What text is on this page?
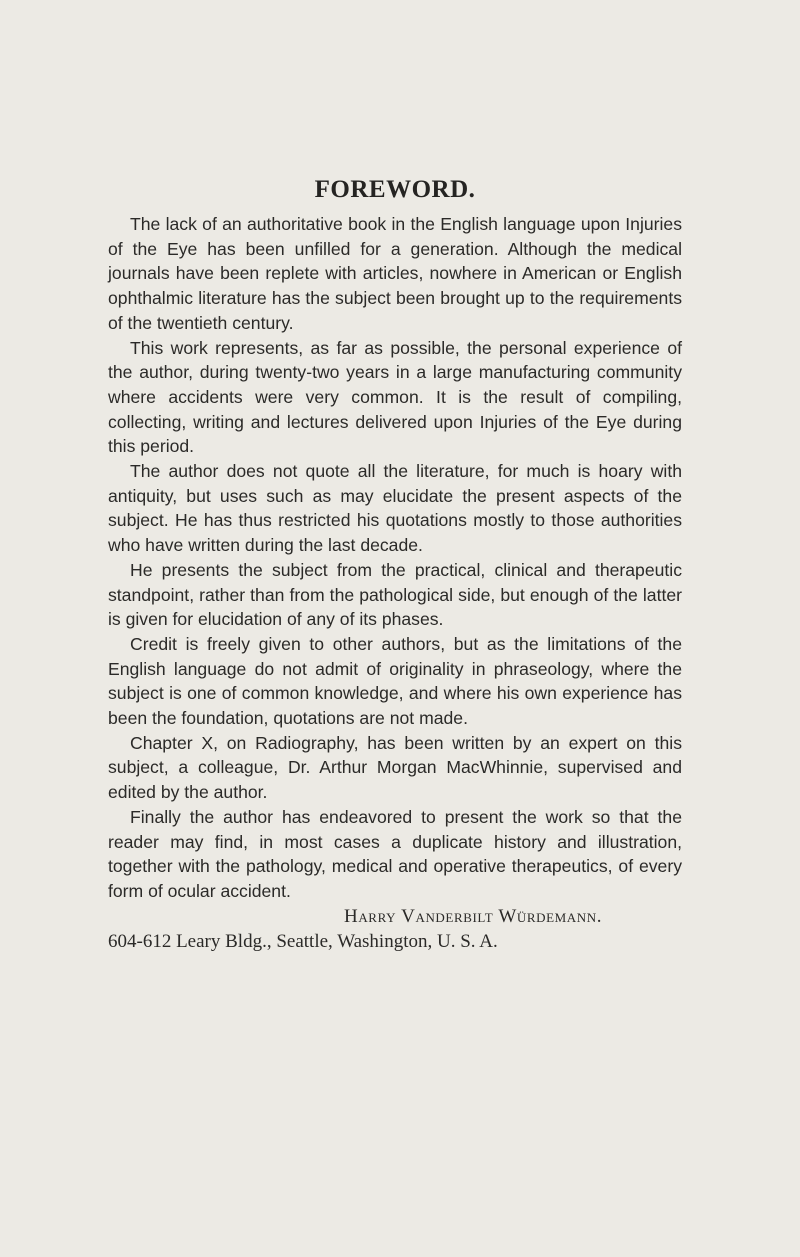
FOREWORD.

The lack of an authoritative book in the English language upon Injuries of the Eye has been unfilled for a generation. Although the medical journals have been replete with articles, nowhere in American or English ophthalmic literature has the subject been brought up to the requirements of the twentieth century.

This work represents, as far as possible, the personal experience of the author, during twenty-two years in a large manufacturing community where accidents were very common. It is the result of compiling, collecting, writing and lectures delivered upon Injuries of the Eye during this period.

The author does not quote all the literature, for much is hoary with antiquity, but uses such as may elucidate the present aspects of the subject. He has thus restricted his quotations mostly to those authorities who have written during the last decade.

He presents the subject from the practical, clinical and therapeutic standpoint, rather than from the pathological side, but enough of the latter is given for elucidation of any of its phases.

Credit is freely given to other authors, but as the limitations of the English language do not admit of originality in phraseology, where the subject is one of common knowledge, and where his own experience has been the foundation, quotations are not made.

Chapter X, on Radiography, has been written by an expert on this subject, a colleague, Dr. Arthur Morgan MacWhinnie, supervised and edited by the author.

Finally the author has endeavored to present the work so that the reader may find, in most cases a duplicate history and illustration, together with the pathology, medical and operative therapeutics, of every form of ocular accident.

Harry Vanderbilt Würdemann.

604-612 Leary Bldg., Seattle, Washington, U. S. A.
